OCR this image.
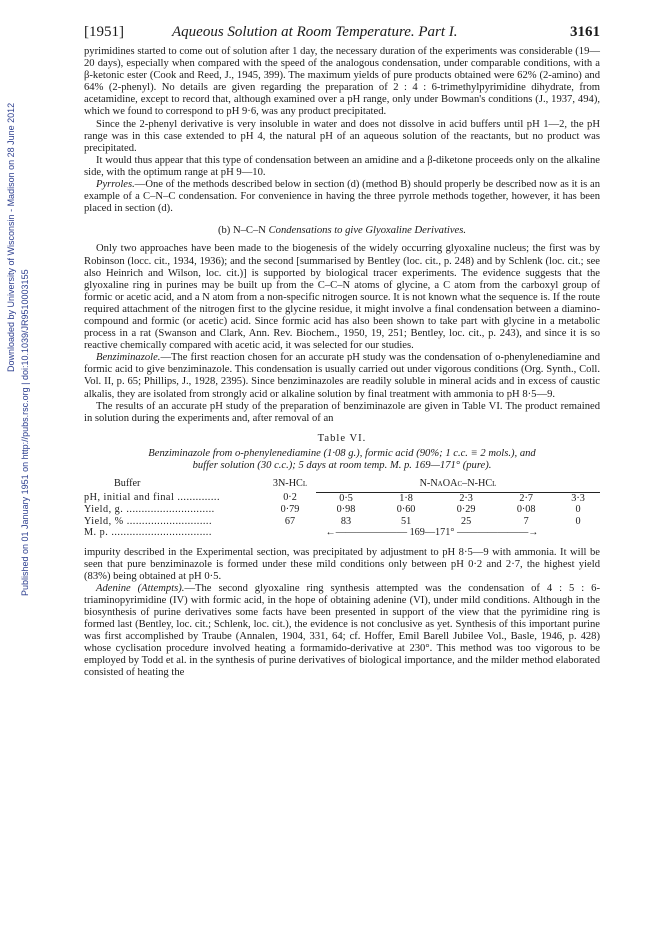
Downloaded by University of Wisconsin - Madison on 28 June 2012
Published on 01 January 1951 on http://pubs.rsc.org | doi:10.1039/JR9510003155
[1951]	Aqueous Solution at Room Temperature. Part I.	3161

pyrimidines started to come out of solution after 1 day, the necessary duration of the experiments was considerable (19—20 days), especially when compared with the speed of the analogous condensation, under comparable conditions, with a β-ketonic ester (Cook and Reed, J., 1945, 399). The maximum yields of pure products obtained were 62% (2-amino) and 64% (2-phenyl). No details are given regarding the preparation of 2 : 4 : 6-trimethylpyrimidine dihydrate, from acetamidine, except to record that, although examined over a pH range, only under Bowman's conditions (J., 1937, 494), which we found to correspond to pH 9·6, was any product precipitated.

Since the 2-phenyl derivative is very insoluble in water and does not dissolve in acid buffers until pH 1—2, the pH range was in this case extended to pH 4, the natural pH of an aqueous solution of the reactants, but no product was precipitated.

It would thus appear that this type of condensation between an amidine and a β-diketone proceeds only on the alkaline side, with the optimum range at pH 9—10.

Pyrroles.—One of the methods described below in section (d) (method B) should properly be described now as it is an example of a C–N–C condensation. For convenience in having the three pyrrole methods together, however, it has been placed in section (d).

(b) N–C–N Condensations to give Glyoxaline Derivatives.

Only two approaches have been made to the biogenesis of the widely occurring glyoxaline nucleus; the first was by Robinson (locc. cit., 1934, 1936); and the second [summarised by Bentley (loc. cit., p. 248) and by Schlenk (loc. cit.; see also Heinrich and Wilson, loc. cit.)] is supported by biological tracer experiments. The evidence suggests that the glyoxaline ring in purines may be built up from the C–C–N atoms of glycine, a C atom from the carboxyl group of formic or acetic acid, and a N atom from a non-specific nitrogen source. It is not known what the sequence is. If the route required attachment of the nitrogen first to the glycine residue, it might involve a final condensation between a diamino-compound and formic (or acetic) acid. Since formic acid has also been shown to take part with glycine in a metabolic process in a rat (Swanson and Clark, Ann. Rev. Biochem., 1950, 19, 251; Bentley, loc. cit., p. 243), and since it is so reactive chemically compared with acetic acid, it was selected for our studies.

Benziminazole.—The first reaction chosen for an accurate pH study was the condensation of o-phenylenediamine and formic acid to give benziminazole. This condensation is usually carried out under vigorous conditions (Org. Synth., Coll. Vol. II, p. 65; Phillips, J., 1928, 2395). Since benziminazoles are readily soluble in mineral acids and in excess of caustic alkalis, they are isolated from strongly acid or alkaline solution by final treatment with ammonia to pH 8·5—9.

The results of an accurate pH study of the preparation of benziminazole are given in Table VI. The product remained in solution during the experiments and, after removal of an

Table VI.
Benziminazole from o-phenylenediamine (1·08 g.), formic acid (90%; 1 c.c. ≡ 2 mols.), and
buffer solution (30 c.c.); 5 days at room temp. M. p. 169—171° (pure).
Buffer	3N-HCl	N-NaOAc–N-HCl				
pH, initial and final ..............	0·2	0·5	1·8	2·3	2·7	3·3
Yield, g. .............................	0·79	0·98	0·60	0·29	0·08	0
Yield, % ............................	67	83	51	25	7	0
M. p. .................................	←——————— 169—171° ———————→					

impurity described in the Experimental section, was precipitated by adjustment to pH 8·5—9 with ammonia. It will be seen that pure benziminazole is formed under these mild conditions only between pH 0·2 and 2·7, the highest yield (83%) being obtained at pH 0·5.

Adenine (Attempts).—The second glyoxaline ring synthesis attempted was the condensation of 4 : 5 : 6-triaminopyrimidine (IV) with formic acid, in the hope of obtaining adenine (VI), under mild conditions. Although in the biosynthesis of purine derivatives some facts have been presented in support of the view that the pyrimidine ring is formed last (Bentley, loc. cit.; Schlenk, loc. cit.), the evidence is not conclusive as yet. Synthesis of this important purine was first accomplished by Traube (Annalen, 1904, 331, 64; cf. Hoffer, Emil Barell Jubilee Vol., Basle, 1946, p. 428) whose cyclisation procedure involved heating a formamido-derivative at 230°. This method was too vigorous to be employed by Todd et al. in the synthesis of purine derivatives of biological importance, and the milder method elaborated consisted of heating the
